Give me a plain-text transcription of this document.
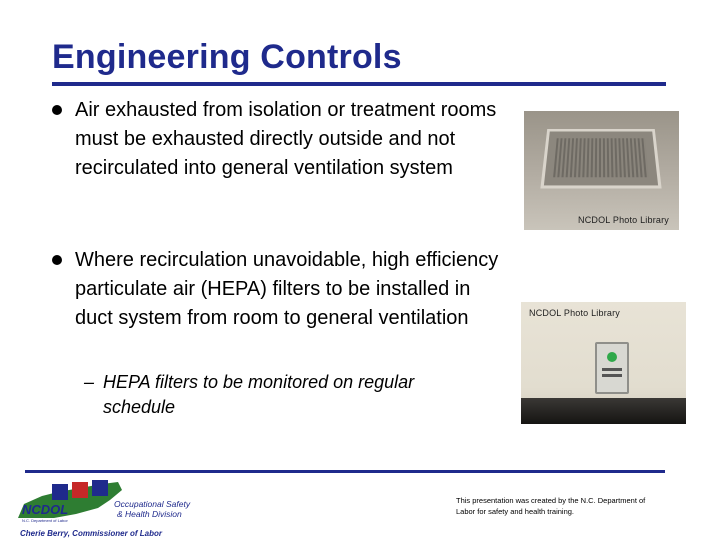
Engineering Controls
Air exhausted from isolation or treatment rooms must be exhausted directly outside and not recirculated into general ventilation system
Where recirculation unavoidable, high efficiency particulate air (HEPA) filters to be installed in duct system from room to general ventilation
– HEPA filters to be monitored on regular schedule
NCDOL Photo Library
NCDOL Photo Library
NCDOL
N.C. Department of Labor
Occupational Safety
& Health Division
Cherie Berry, Commissioner of Labor
This presentation was created by the N.C. Department of Labor for safety and health training.
